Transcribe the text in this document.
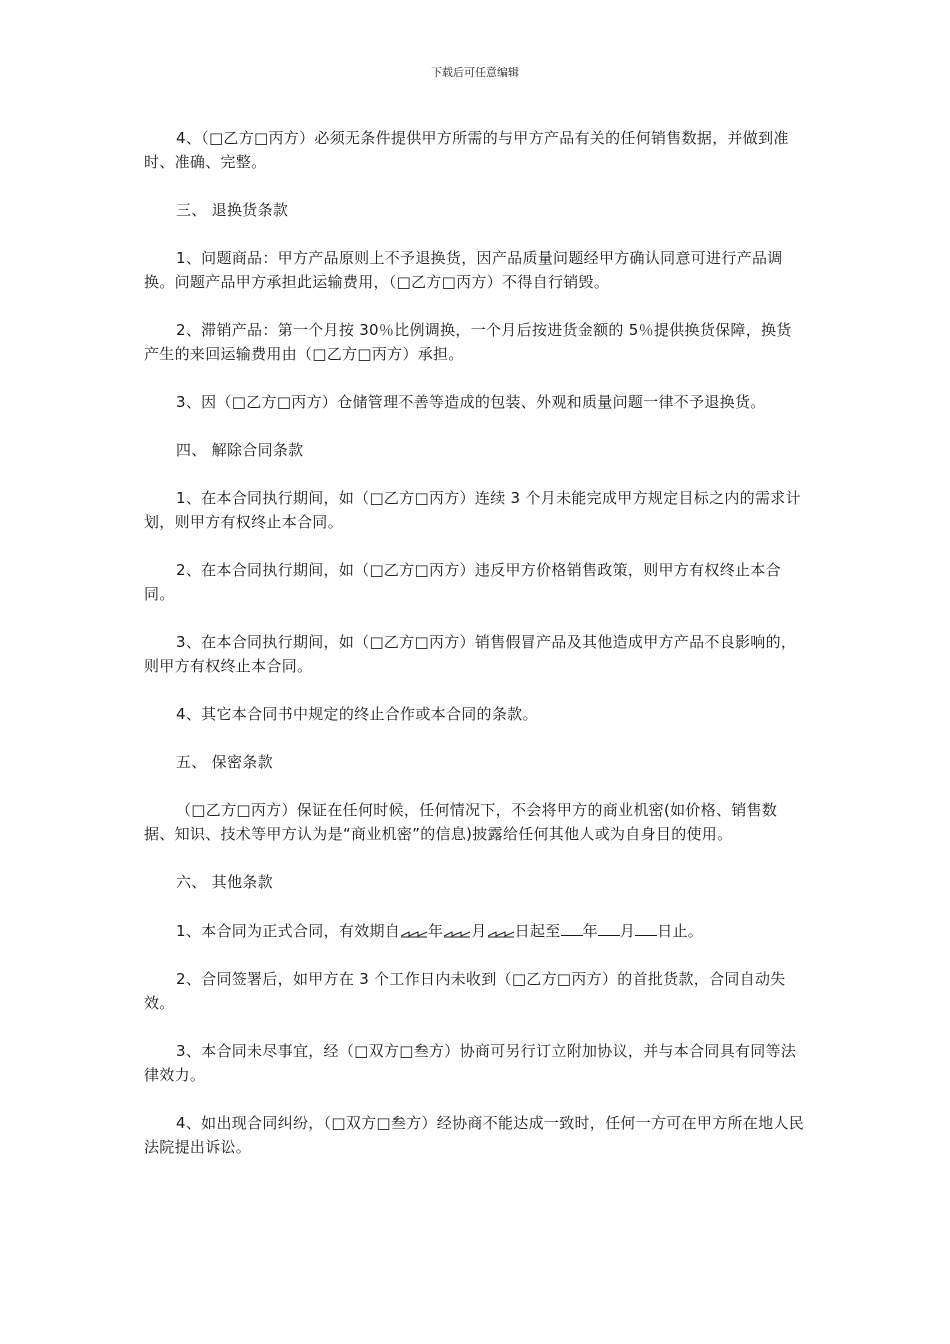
下载后可任意编辑

4、（□乙方□丙方）必须无条件提供甲方所需的与甲方产品有关的任何销售数据，并做到准时、准确、完整。

三、 退换货条款

1、问题商品：甲方产品原则上不予退换货，因产品质量问题经甲方确认同意可进行产品调换。问题产品甲方承担此运输费用，（□乙方□丙方）不得自行销毁。

2、滞销产品：第一个月按 30％比例调换，一个月后按进货金额的 5％提供换货保障，换货产生的来回运输费用由（□乙方□丙方）承担。

3、因（□乙方□丙方）仓储管理不善等造成的包装、外观和质量问题一律不予退换货。

四、 解除合同条款

1、在本合同执行期间，如（□乙方□丙方）连续 3 个月未能完成甲方规定目标之内的需求计划，则甲方有权终止本合同。

2、在本合同执行期间，如（□乙方□丙方）违反甲方价格销售政策，则甲方有权终止本合同。

3、在本合同执行期间，如（□乙方□丙方）销售假冒产品及其他造成甲方产品不良影响的，则甲方有权终止本合同。

4、其它本合同书中规定的终止合作或本合同的条款。

五、 保密条款

（□乙方□丙方）保证在任何时候，任何情况下，不会将甲方的商业机密(如价格、销售数据、知识、技术等甲方认为是“商业机密”的信息)披露给任何其他人或为自身目的使用。

六、 其他条款

1、本合同为正式合同，有效期自 年 月 日起至 年 月 日止。

2、合同签署后，如甲方在 3 个工作日内未收到（□乙方□丙方）的首批货款，合同自动失效。

3、本合同未尽事宜，经（□双方□叁方）协商可另行订立附加协议，并与本合同具有同等法律效力。

4、如出现合同纠纷，（□双方□叁方）经协商不能达成一致时，任何一方可在甲方所在地人民法院提出诉讼。
